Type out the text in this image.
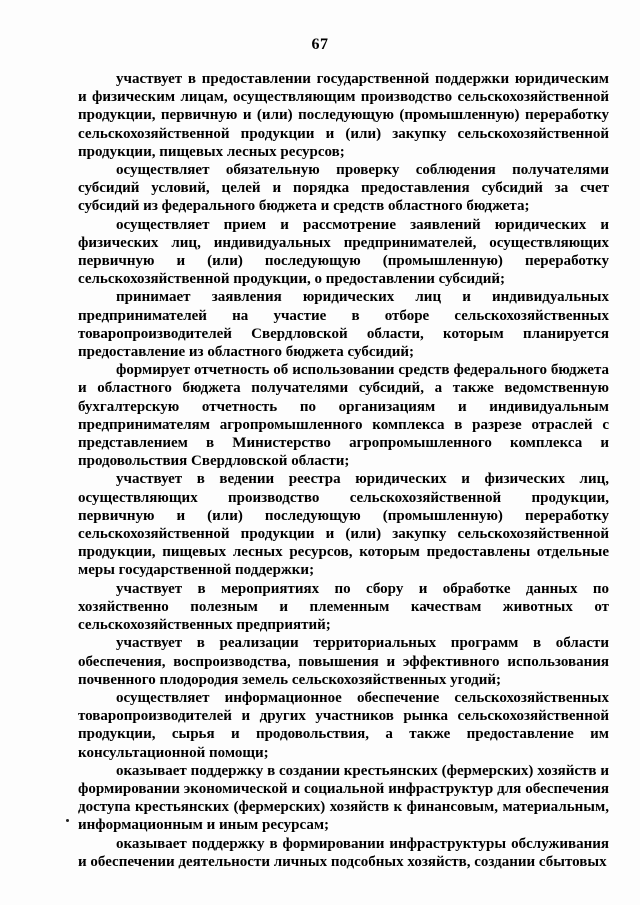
67

участвует в предоставлении государственной поддержки юридическим и физическим лицам, осуществляющим производство сельскохозяйственной продукции, первичную и (или) последующую (промышленную) переработку сельскохозяйственной продукции и (или) закупку сельскохозяйственной продукции, пищевых лесных ресурсов;

осуществляет обязательную проверку соблюдения получателями субсидий условий, целей и порядка предоставления субсидий за счет субсидий из федерального бюджета и средств областного бюджета;

осуществляет прием и рассмотрение заявлений юридических и физических лиц, индивидуальных предпринимателей, осуществляющих первичную и (или) последующую (промышленную) переработку сельскохозяйственной продукции, о предоставлении субсидий;

принимает заявления юридических лиц и индивидуальных предпринимателей на участие в отборе сельскохозяйственных товаропроизводителей Свердловской области, которым планируется предоставление из областного бюджета субсидий;

формирует отчетность об использовании средств федерального бюджета и областного бюджета получателями субсидий, а также ведомственную бухгалтерскую отчетность по организациям и индивидуальным предпринимателям агропромышленного комплекса в разрезе отраслей с представлением в Министерство агропромышленного комплекса и продовольствия Свердловской области;

участвует в ведении реестра юридических и физических лиц, осуществляющих производство сельскохозяйственной продукции, первичную и (или) последующую (промышленную) переработку сельскохозяйственной продукции и (или) закупку сельскохозяйственной продукции, пищевых лесных ресурсов, которым предоставлены отдельные меры государственной поддержки;

участвует в мероприятиях по сбору и обработке данных по хозяйственно полезным и племенным качествам животных от сельскохозяйственных предприятий;

участвует в реализации территориальных программ в области обеспечения, воспроизводства, повышения и эффективного использования почвенного плодородия земель сельскохозяйственных угодий;

осуществляет информационное обеспечение сельскохозяйственных товаропроизводителей и других участников рынка сельскохозяйственной продукции, сырья и продовольствия, а также предоставление им консультационной помощи;

оказывает поддержку в создании крестьянских (фермерских) хозяйств и формировании экономической и социальной инфраструктур для обеспечения доступа крестьянских (фермерских) хозяйств к финансовым, материальным, информационным и иным ресурсам;

оказывает поддержку в формировании инфраструктуры обслуживания и обеспечении деятельности личных подсобных хозяйств, создании сбытовых
